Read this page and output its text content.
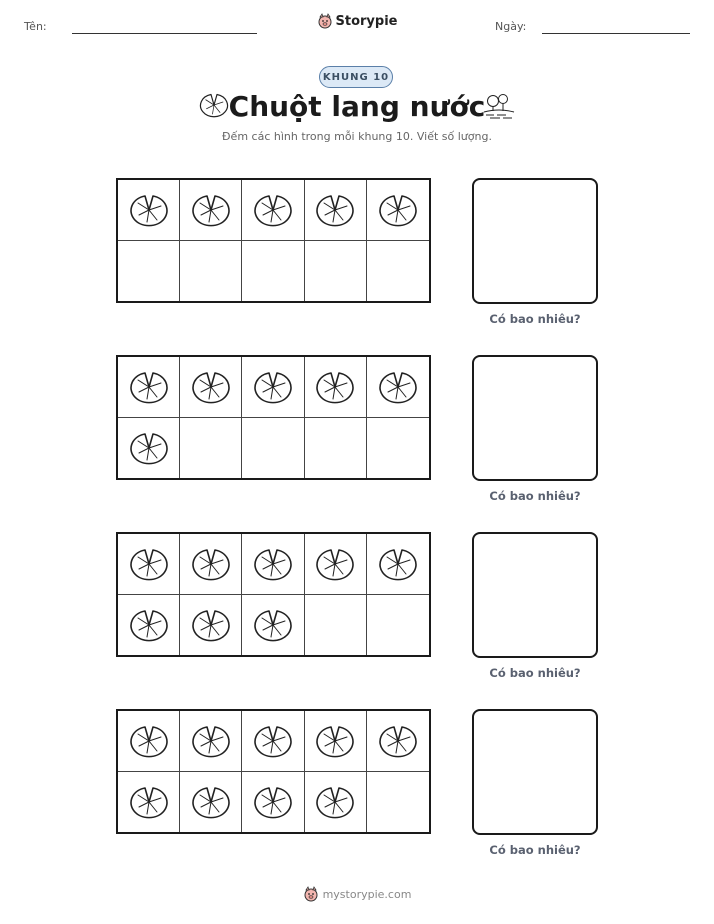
Tên:	Storypie	Ngày:
KHUNG 10
Chuột lang nước
Đếm các hình trong mỗi khung 10. Viết số lượng.
Có bao nhiêu?
Có bao nhiêu?
Có bao nhiêu?
Có bao nhiêu?
mystorypie.com
